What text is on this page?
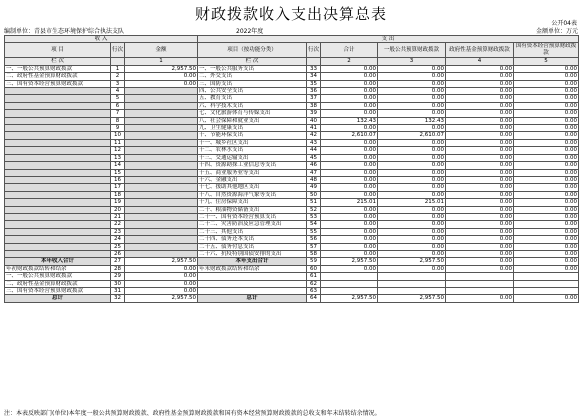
财政拨款收入支出决算总表
公开04表
编制单位：青县市生态环境保护综合执法支队	2022年度	金额单位：万元
收 入			支 出					
项 目	行次	金额	项目（按功能分类）	行次	合计	一般公共预算财政拨款	政府性基金预算财政拨款	国有资本经营预算财政拨款
栏 次		1	栏 次		2	3	4	5
一、一般公共预算财政拨款	1	2,957.50	一、一般公共服务支出	33	0.00	0.00	0.00	0.00
二、政府性基金预算财政拨款	2	0.00	二、外交支出	34	0.00	0.00	0.00	0.00
三、国有资本经营预算财政拨款	3	0.00	三、国防支出	35	0.00	0.00	0.00	0.00
	4		四、公共安全支出	36	0.00	0.00	0.00	0.00
	5		五、教育支出	37	0.00	0.00	0.00	0.00
	6		六、科学技术支出	38	0.00	0.00	0.00	0.00
	7		七、文化旅游体育与传媒支出	39	0.00	0.00	0.00	0.00
	8		八、社会保障和就业支出	40	132.43	132.43	0.00	0.00
	9		九、卫生健康支出	41	0.00	0.00	0.00	0.00
	10		十、节能环保支出	42	2,610.07	2,610.07	0.00	0.00
	11		十一、城乡社区支出	43	0.00	0.00	0.00	0.00
	12		十二、农林水支出	44	0.00	0.00	0.00	0.00
	13		十三、交通运输支出	45	0.00	0.00	0.00	0.00
	14		十四、资源勘探工业信息等支出	46	0.00	0.00	0.00	0.00
	15		十五、商业服务业等支出	47	0.00	0.00	0.00	0.00
	16		十六、金融支出	48	0.00	0.00	0.00	0.00
	17		十七、援助其他地区支出	49	0.00	0.00	0.00	0.00
	18		十八、自然资源海洋气象等支出	50	0.00	0.00	0.00	0.00
	19		十九、住房保障支出	51	215.01	215.01	0.00	0.00
	20		二十、粮油物资储备支出	52	0.00	0.00	0.00	0.00
	21		二十一、国有资本经营预算支出	53	0.00	0.00	0.00	0.00
	22		二十二、灾害防治及应急管理支出	54	0.00	0.00	0.00	0.00
	23		二十三、其他支出	55	0.00	0.00	0.00	0.00
	24		二十四、债务还本支出	56	0.00	0.00	0.00	0.00
	25		二十五、债务付息支出	57	0.00	0.00	0.00	0.00
	26		二十六、抗疫特别国债安排的支出	58	0.00	0.00	0.00	0.00
本年收入合计	27	2,957.50	本年支出合计	59	2,957.50	2,957.50	0.00	0.00
年初财政拨款结转和结余	28	0.00	年末财政拨款结转和结余	60	0.00	0.00	0.00	0.00
一、一般公共预算财政拨款	29	0.00		61				
二、政府性基金预算财政拨款	30	0.00		62				
三、国有资本经营预算财政拨款	31	0.00		63				
总计	32	2,957.50	总计	64	2,957.50	2,957.50	0.00	0.00
注：本表反映部门(单位)本年度一般公共预算财政拨款、政府性基金预算财政拨款和国有资本经营预算财政拨款的总收支和年末结转结余情况。
